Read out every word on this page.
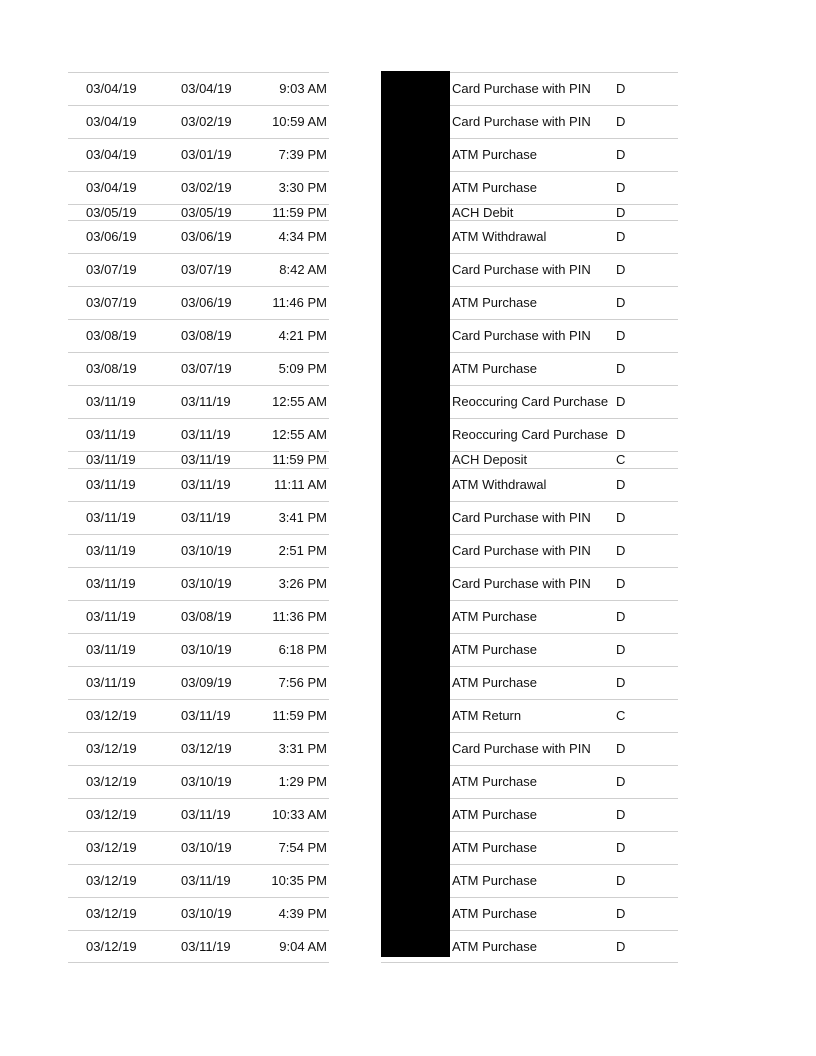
03/04/19	03/04/19	9:03 AM	Card Purchase with PIN D
03/04/19	03/02/19	10:59 AM	Card Purchase with PIN D
03/04/19	03/01/19	7:39 PM	ATM Purchase	D
03/04/19	03/02/19	3:30 PM	ATM Purchase	D
03/05/19	03/05/19	11:59 PM	ACH Debit	D
03/06/19	03/06/19	4:34 PM	ATM Withdrawal	D
03/07/19	03/07/19	8:42 AM	Card Purchase with PIN D
03/07/19	03/06/19	11:46 PM	ATM Purchase	D
03/08/19	03/08/19	4:21 PM	Card Purchase with PIN D
03/08/19	03/07/19	5:09 PM	ATM Purchase	D
03/11/19	03/11/19	12:55 AM	Reoccuring Card Purchase D
03/11/19	03/11/19	12:55 AM	Reoccuring Card Purchase D
03/11/19	03/11/19	11:59 PM	ACH Deposit	C
03/11/19	03/11/19	11:11 AM	ATM Withdrawal	D
03/11/19	03/11/19	3:41 PM	Card Purchase with PIN D
03/11/19	03/10/19	2:51 PM	Card Purchase with PIN D
03/11/19	03/10/19	3:26 PM	Card Purchase with PIN D
03/11/19	03/08/19	11:36 PM	ATM Purchase	D
03/11/19	03/10/19	6:18 PM	ATM Purchase	D
03/11/19	03/09/19	7:56 PM	ATM Purchase	D
03/12/19	03/11/19	11:59 PM	ATM Return	C
03/12/19	03/12/19	3:31 PM	Card Purchase with PIN D
03/12/19	03/10/19	1:29 PM	ATM Purchase	D
03/12/19	03/11/19	10:33 AM	ATM Purchase	D
03/12/19	03/10/19	7:54 PM	ATM Purchase	D
03/12/19	03/11/19	10:35 PM	ATM Purchase	D
03/12/19	03/10/19	4:39 PM	ATM Purchase	D
03/12/19	03/11/19	9:04 AM	ATM Purchase	D
